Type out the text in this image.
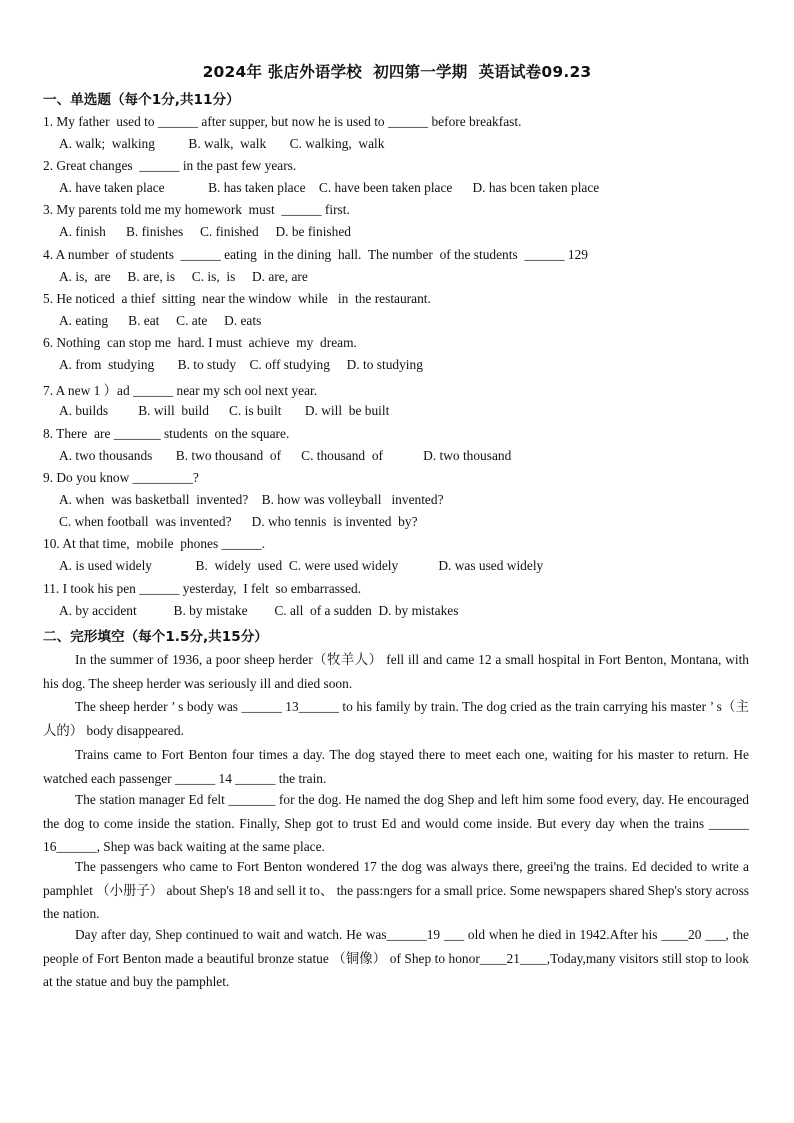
2024年 张店外语学校  初四第一学期  英语试卷09.23
一、单选题（每个1分,共11分）
1. My father  used to ______ after supper, but now he is used to ______ before breakfast.
A. walk;  walking          B. walk,  walk       C. walking,  walk
2. Great changes  ______ in the past few years.
A. have taken place             B. has taken place    C. have been taken place      D. has bcen taken place
3. My parents told me my homework  must  ______ first.
A. finish      B. finishes     C. finished     D. be finished
4. A number  of students  ______ eating  in the dining  hall.  The number  of the students  ______ 129
A. is,  are     B. are, is     C. is,  is     D. are, are
5. He noticed  a thief  sitting  near the window  while   in  the restaurant.
A. eating      B. eat     C. ate     D. eats
6. Nothing  can stop me  hard. I must  achieve  my  dream.
A. from  studying       B. to study    C. off studying     D. to studying
7. A new 1 ）ad ______ near my sch ool next year.
A. builds         B. will  build      C. is built       D. will  be built
8. There  are _______ students  on the square.
A. two thousands       B. two thousand  of      C. thousand  of            D. two thousand
9. Do you know _________?
A. when  was basketball  invented?    B. how was volleyball   invented?
C. when football  was invented?      D. who tennis  is invented  by?
10. At that time,  mobile  phones ______.
A. is used widely             B.  widely  used  C. were used widely            D. was used widely
11. I took his pen ______ yesterday,  I felt  so embarrassed.
A. by accident           B. by mistake        C. all  of a sudden  D. by mistakes
二、完形填空（每个1.5分,共15分）

In the summer of 1936, a poor sheep herder（牧羊人） fell ill and came 12 a small hospital in Fort Benton, Montana, with his dog. The sheep herder was seriously ill and died soon.

The sheep herder ’ s body was ______ 13______ to his family by train. The dog cried as the train carrying his master ’ s（主人的） body disappeared.

Trains came to Fort Benton four times a day. The dog stayed there to meet each one, waiting for his master to return. He watched each passenger ______ 14 ______ the train.

The station manager Ed felt _______ for the dog. He named the dog Shep and left him some food every, day. He encouraged the dog to come inside the station. Finally, Shep got to trust Ed and would come inside. But every day when the trains ______ 16______, Shep was back waiting at the same place.

The passengers who came to Fort Benton wondered 17 the dog was always there, greei'ng the trains. Ed decided to write a pamphlet （小册子） about Shep's 18 and sell it to、 the pass:ngers for a small price. Some newspapers shared Shep's story across the nation.

Day after day, Shep continued to wait and watch. He was______19 ___ old when he died in 1942.After his ____20 ___, the people of Fort Benton made a beautiful bronze statue （铜像） of Shep to honor____21____,Today,many visitors still stop to look at the statue and buy the pamphlet.
